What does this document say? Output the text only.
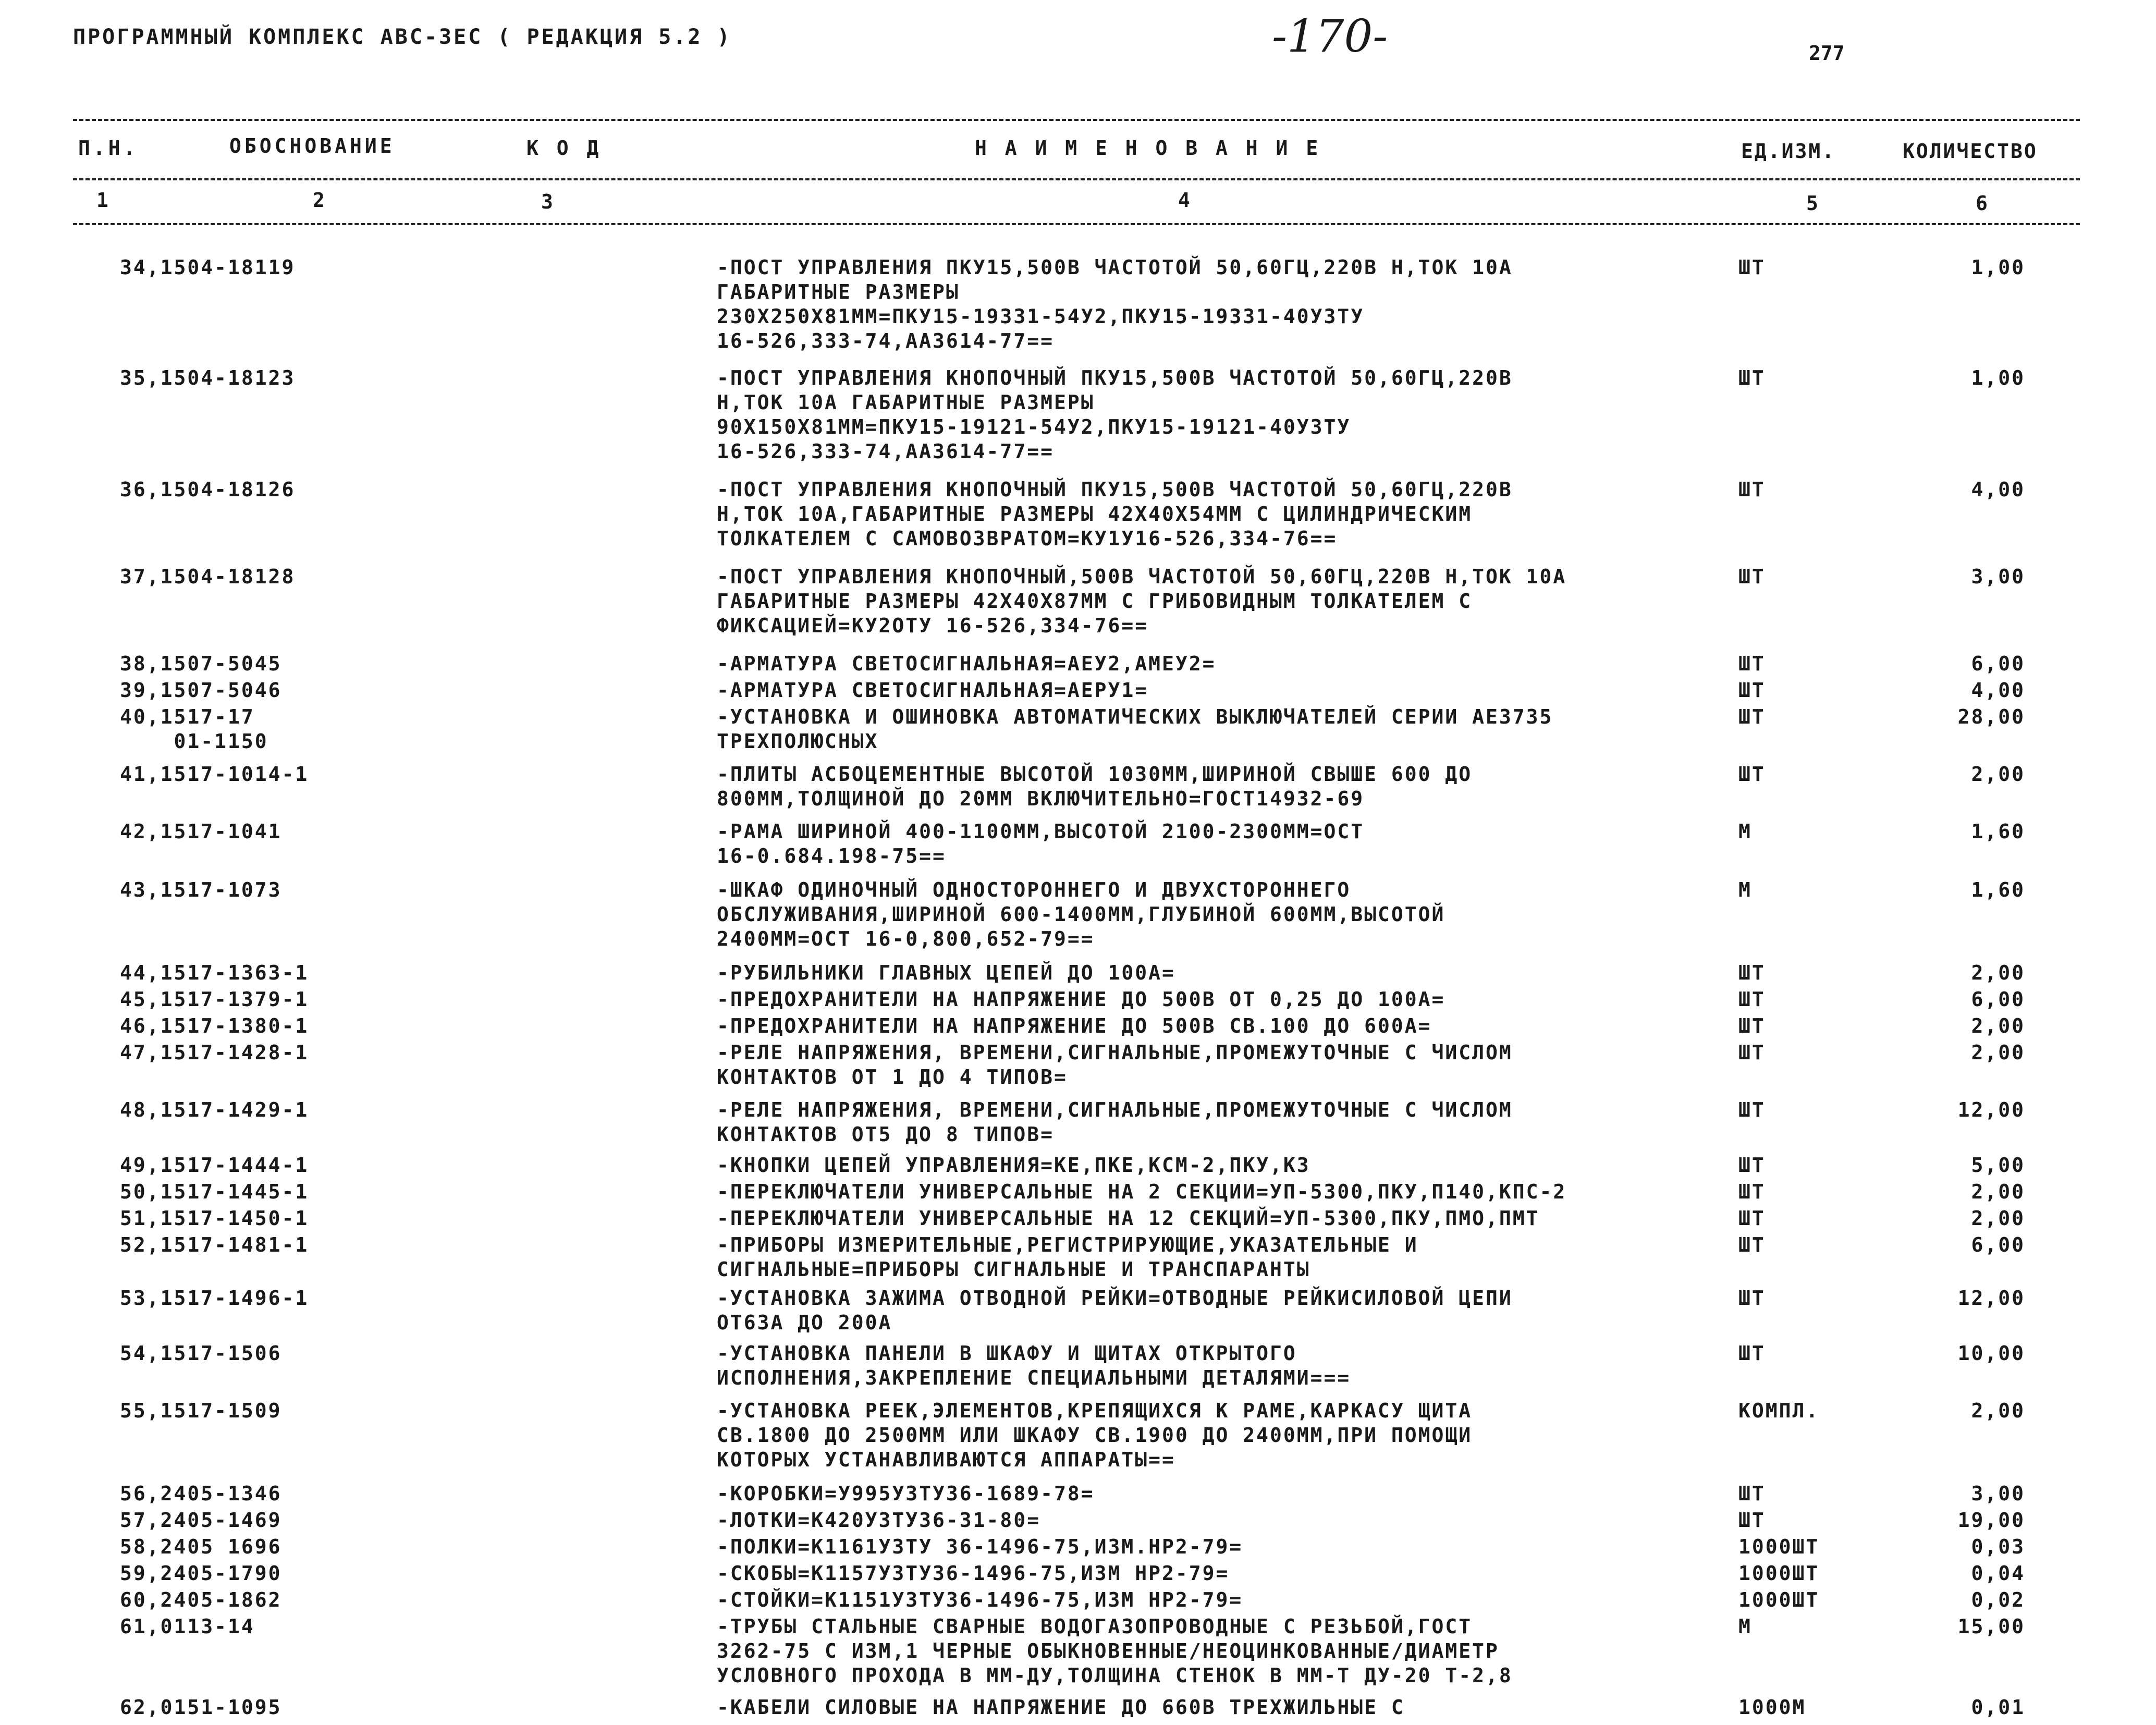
ПРОГРАММНЫЙ КОМПЛЕКС АВС-3ЕС ( РЕДАКЦИЯ 5.2 )	-170-	277
П.Н.	ОБОСНОВАНИЕ	К О Д	Н А И М Е Н О В А Н И Е	ЕД.ИЗМ.	КОЛИЧЕСТВО
1	2	3	4	5	6
34,1504-18119	-ПОСТ УПРАВЛЕНИЯ ПКУ15,500В ЧАСТОТОЙ 50,60ГЦ,220В Н,ТОК 10А
ГАБАРИТНЫЕ РАЗМЕРЫ
230Х250Х81ММ=ПКУ15-19331-54У2,ПКУ15-19331-40У3ТУ
16-526,333-74,АА3614-77==
ШТ	1,00
35,1504-18123	-ПОСТ УПРАВЛЕНИЯ КНОПОЧНЫЙ ПКУ15,500В ЧАСТОТОЙ 50,60ГЦ,220В
Н,ТОК 10А ГАБАРИТНЫЕ РАЗМЕРЫ
90Х150Х81ММ=ПКУ15-19121-54У2,ПКУ15-19121-40У3ТУ
16-526,333-74,АА3614-77==
ШТ	1,00
36,1504-18126	-ПОСТ УПРАВЛЕНИЯ КНОПОЧНЫЙ ПКУ15,500В ЧАСТОТОЙ 50,60ГЦ,220В
Н,ТОК 10А,ГАБАРИТНЫЕ РАЗМЕРЫ 42Х40Х54ММ С ЦИЛИНДРИЧЕСКИМ
ТОЛКАТЕЛЕМ С САМОВОЗВРАТОМ=КУ1У16-526,334-76==
ШТ	4,00
37,1504-18128	-ПОСТ УПРАВЛЕНИЯ КНОПОЧНЫЙ,500В ЧАСТОТОЙ 50,60ГЦ,220В Н,ТОК 10А
ГАБАРИТНЫЕ РАЗМЕРЫ 42Х40Х87ММ С ГРИБОВИДНЫМ ТОЛКАТЕЛЕМ С
ФИКСАЦИЕЙ=КУ2ОТУ 16-526,334-76==
ШТ	3,00
38,1507-5045	-АРМАТУРА СВЕТОСИГНАЛЬНАЯ=АЕУ2,АМЕУ2=	ШТ	6,00
39,1507-5046	-АРМАТУРА СВЕТОСИГНАЛЬНАЯ=АЕРУ1=	ШТ	4,00
40,1517-17
01-1150
-УСТАНОВКА И ОШИНОВКА АВТОМАТИЧЕСКИХ ВЫКЛЮЧАТЕЛЕЙ СЕРИИ АЕ3735
ТРЕХПОЛЮСНЫХ
ШТ	28,00
41,1517-1014-1	-ПЛИТЫ АСБОЦЕМЕНТНЫЕ ВЫСОТОЙ 1030ММ,ШИРИНОЙ СВЫШЕ 600 ДО
800ММ,ТОЛЩИНОЙ ДО 20ММ ВКЛЮЧИТЕЛЬНО=ГОСТ14932-69
ШТ	2,00
42,1517-1041	-РАМА ШИРИНОЙ 400-1100ММ,ВЫСОТОЙ 2100-2300ММ=ОСТ
16-0.684.198-75==
М	1,60
43,1517-1073	-ШКАФ ОДИНОЧНЫЙ ОДНОСТОРОННЕГО И ДВУХСТОРОННЕГО
ОБСЛУЖИВАНИЯ,ШИРИНОЙ 600-1400ММ,ГЛУБИНОЙ 600ММ,ВЫСОТОЙ
2400ММ=ОСТ 16-0,800,652-79==
М	1,60
44,1517-1363-1	-РУБИЛЬНИКИ ГЛАВНЫХ ЦЕПЕЙ ДО 100А=	ШТ	2,00
45,1517-1379-1	-ПРЕДОХРАНИТЕЛИ НА НАПРЯЖЕНИЕ ДО 500В ОТ 0,25 ДО 100А=	ШТ	6,00
46,1517-1380-1	-ПРЕДОХРАНИТЕЛИ НА НАПРЯЖЕНИЕ ДО 500В СВ.100 ДО 600А=	ШТ	2,00
47,1517-1428-1	-РЕЛЕ НАПРЯЖЕНИЯ, ВРЕМЕНИ,СИГНАЛЬНЫЕ,ПРОМЕЖУТОЧНЫЕ С ЧИСЛОМ
КОНТАКТОВ ОТ 1 ДО 4 ТИПОВ=
ШТ	2,00
48,1517-1429-1	-РЕЛЕ НАПРЯЖЕНИЯ, ВРЕМЕНИ,СИГНАЛЬНЫЕ,ПРОМЕЖУТОЧНЫЕ С ЧИСЛОМ
КОНТАКТОВ ОТ5 ДО 8 ТИПОВ=
ШТ	12,00
49,1517-1444-1	-КНОПКИ ЦЕПЕЙ УПРАВЛЕНИЯ=КЕ,ПКЕ,КСМ-2,ПКУ,КЗ	ШТ	5,00
50,1517-1445-1	-ПЕРЕКЛЮЧАТЕЛИ УНИВЕРСАЛЬНЫЕ НА 2 СЕКЦИИ=УП-5300,ПКУ,П140,КПС-2	ШТ	2,00
51,1517-1450-1	-ПЕРЕКЛЮЧАТЕЛИ УНИВЕРСАЛЬНЫЕ НА 12 СЕКЦИЙ=УП-5300,ПКУ,ПМО,ПМТ	ШТ	2,00
52,1517-1481-1	-ПРИБОРЫ ИЗМЕРИТЕЛЬНЫЕ,РЕГИСТРИРУЮЩИЕ,УКАЗАТЕЛЬНЫЕ И
СИГНАЛЬНЫЕ=ПРИБОРЫ СИГНАЛЬНЫЕ И ТРАНСПАРАНТЫ
ШТ	6,00
53,1517-1496-1	-УСТАНОВКА ЗАЖИМА ОТВОДНОЙ РЕЙКИ=ОТВОДНЫЕ РЕЙКИСИЛОВОЙ ЦЕПИ
ОТ63А ДО 200А
ШТ	12,00
54,1517-1506	-УСТАНОВКА ПАНЕЛИ В ШКАФУ И ЩИТАХ ОТКРЫТОГО
ИСПОЛНЕНИЯ,ЗАКРЕПЛЕНИЕ СПЕЦИАЛЬНЫМИ ДЕТАЛЯМИ===
ШТ	10,00
55,1517-1509	-УСТАНОВКА РЕЕК,ЭЛЕМЕНТОВ,КРЕПЯЩИХСЯ К РАМЕ,КАРКАСУ ЩИТА
СВ.1800 ДО 2500ММ ИЛИ ШКАФУ СВ.1900 ДО 2400ММ,ПРИ ПОМОЩИ
КОТОРЫХ УСТАНАВЛИВАЮТСЯ АППАРАТЫ==
КОМПЛ.	2,00
56,2405-1346	-КОРОБКИ=У995У3ТУ36-1689-78=	ШТ	3,00
57,2405-1469	-ЛОТКИ=К420У3ТУ36-31-80=	ШТ	19,00
58,2405 1696	-ПОЛКИ=К1161У3ТУ 36-1496-75,ИЗМ.НР2-79=	1000ШТ	0,03
59,2405-1790	-СКОБЫ=К1157У3ТУ36-1496-75,ИЗМ НР2-79=	1000ШТ	0,04
60,2405-1862	-СТОЙКИ=К1151У3ТУ36-1496-75,ИЗМ НР2-79=	1000ШТ	0,02
61,0113-14	-ТРУБЫ СТАЛЬНЫЕ СВАРНЫЕ ВОДОГАЗОПРОВОДНЫЕ С РЕЗЬБОЙ,ГОСТ
3262-75 С ИЗМ,1 ЧЕРНЫЕ ОБЫКНОВЕННЫЕ/НЕОЦИНКОВАННЫЕ/ДИАМЕТР
УСЛОВНОГО ПРОХОДА В ММ-ДУ,ТОЛЩИНА СТЕНОК В ММ-Т ДУ-20 Т-2,8
М	15,00
62,0151-1095	-КАБЕЛИ СИЛОВЫЕ НА НАПРЯЖЕНИЕ ДО 660В ТРЕХЖИЛЬНЫЕ С	1000М	0,01
